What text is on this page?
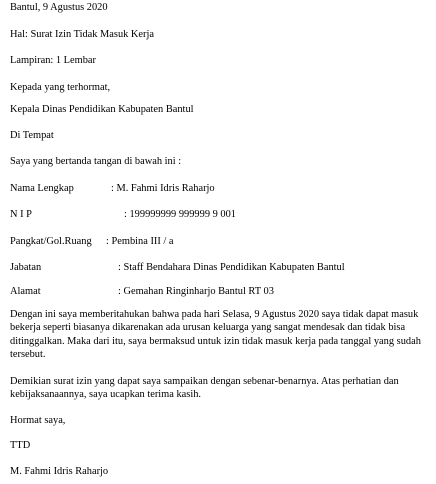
Bantul, 9 Agustus 2020
Hal: Surat Izin Tidak Masuk Kerja
Lampiran: 1 Lembar
Kepada yang terhormat,
Kepala Dinas Pendidikan Kabupaten Bantul
Di Tempat
Saya yang bertanda tangan di bawah ini :
Nama Lengkap	: M. Fahmi Idris Raharjo
N I P	: 199999999 999999 9 001
Pangkat/Gol.Ruang : Pembina III / a
Jabatan	: Staff Bendahara Dinas Pendidikan Kabupaten Bantul
Alamat	: Gemahan Ringinharjo Bantul RT 03
Dengan ini saya memberitahukan bahwa pada hari Selasa, 9 Agustus 2020 saya tidak dapat masuk bekerja seperti biasanya dikarenakan ada urusan keluarga yang sangat mendesak dan tidak bisa ditinggalkan. Maka dari itu, saya bermaksud untuk izin tidak masuk kerja pada tanggal yang sudah tersebut.
Demikian surat izin yang dapat saya sampaikan dengan sebenar-benarnya. Atas perhatian dan kebijaksanaannya, saya ucapkan terima kasih.
Hormat saya,
TTD
M. Fahmi Idris Raharjo
